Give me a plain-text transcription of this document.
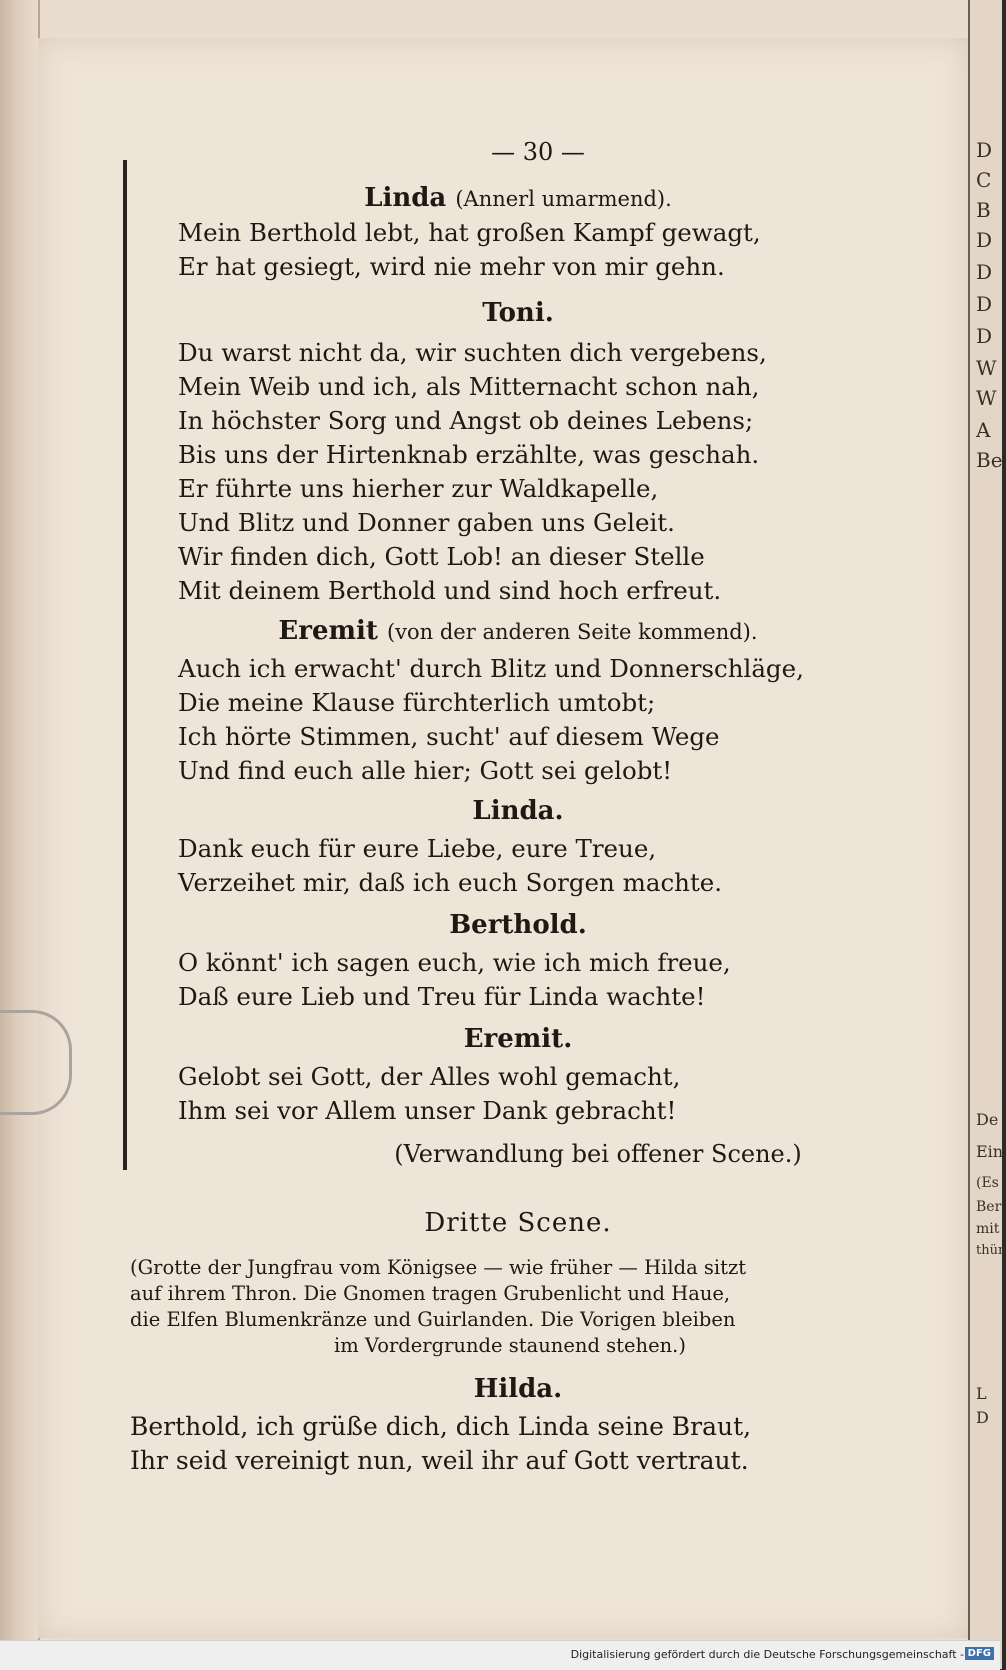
— 30 —
Linda (Annerl umarmend).
Mein Berthold lebt, hat großen Kampf gewagt,
Er hat gesiegt, wird nie mehr von mir gehn.
Toni.
Du warst nicht da, wir suchten dich vergebens,
Mein Weib und ich, als Mitternacht schon nah,
In höchster Sorg und Angst ob deines Lebens;
Bis uns der Hirtenknab erzählte, was geschah.
Er führte uns hierher zur Waldkapelle,
Und Blitz und Donner gaben uns Geleit.
Wir finden dich, Gott Lob! an dieser Stelle
Mit deinem Berthold und sind hoch erfreut.
Eremit (von der anderen Seite kommend).
Auch ich erwacht' durch Blitz und Donnerschläge,
Die meine Klause fürchterlich umtobt;
Ich hörte Stimmen, sucht' auf diesem Wege
Und find euch alle hier; Gott sei gelobt!
Linda.
Dank euch für eure Liebe, eure Treue,
Verzeihet mir, daß ich euch Sorgen machte.
Berthold.
O könnt' ich sagen euch, wie ich mich freue,
Daß eure Lieb und Treu für Linda wachte!
Eremit.
Gelobt sei Gott, der Alles wohl gemacht,
Ihm sei vor Allem unser Dank gebracht!
(Verwandlung bei offener Scene.)
Dritte Scene.
(Grotte der Jungfrau vom Königsee — wie früher — Hilda sitzt
auf ihrem Thron. Die Gnomen tragen Grubenlicht und Haue,
die Elfen Blumenkränze und Guirlanden. Die Vorigen bleiben
im Vordergrunde staunend stehen.)
Hilda.
Berthold, ich grüße dich, dich Linda seine Braut,
Ihr seid vereinigt nun, weil ihr auf Gott vertraut.
D
C
B
D
D
D
D
W
W
A
Be
De
Ein
(Es
Ber
mit
thün
L
D
Digitalisierung gefördert durch die Deutsche Forschungsgemeinschaft - DFG
